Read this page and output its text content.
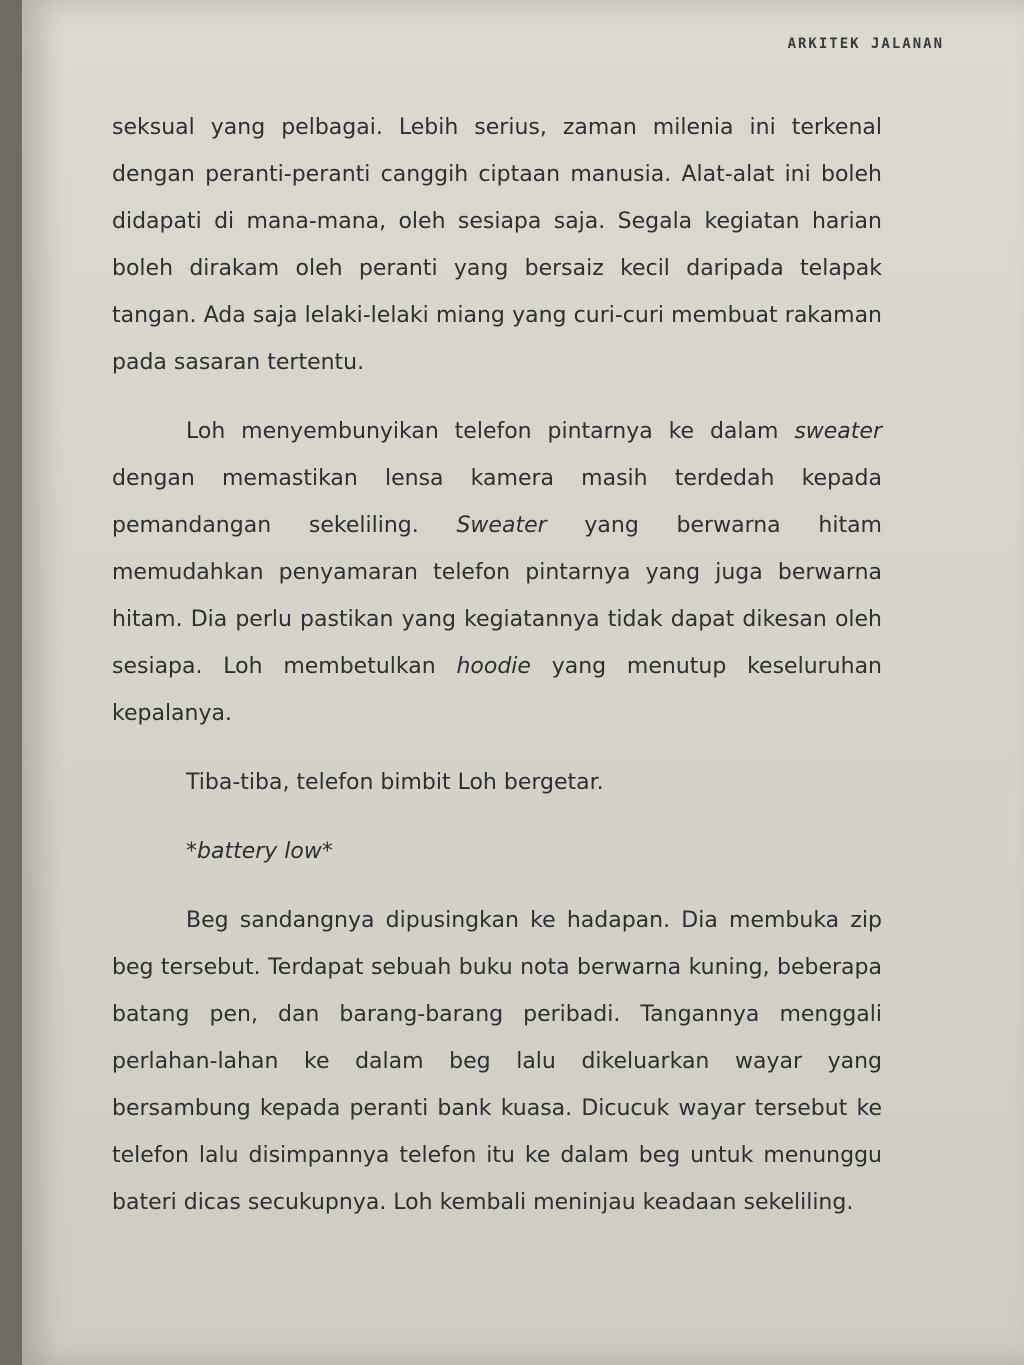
ARKITEK JALANAN

seksual yang pelbagai. Lebih serius, zaman milenia ini terkenal dengan peranti-peranti canggih ciptaan manusia. Alat-alat ini boleh didapati di mana-mana, oleh sesiapa saja. Segala kegiatan harian boleh dirakam oleh peranti yang bersaiz kecil daripada telapak tangan. Ada saja lelaki-lelaki miang yang curi-curi membuat rakaman pada sasaran tertentu.

Loh menyembunyikan telefon pintarnya ke dalam sweater dengan memastikan lensa kamera masih terdedah kepada pemandangan sekeliling. Sweater yang berwarna hitam memudahkan penyamaran telefon pintarnya yang juga berwarna hitam. Dia perlu pastikan yang kegiatannya tidak dapat dikesan oleh sesiapa. Loh membetulkan hoodie yang menutup keseluruhan kepalanya.

Tiba-tiba, telefon bimbit Loh bergetar.

*battery low*

Beg sandangnya dipusingkan ke hadapan. Dia membuka zip beg tersebut. Terdapat sebuah buku nota berwarna kuning, beberapa batang pen, dan barang-barang peribadi. Tangannya menggali perlahan-lahan ke dalam beg lalu dikeluarkan wayar yang bersambung kepada peranti bank kuasa. Dicucuk wayar tersebut ke telefon lalu disimpannya telefon itu ke dalam beg untuk menunggu bateri dicas secukupnya. Loh kembali meninjau keadaan sekeliling.
